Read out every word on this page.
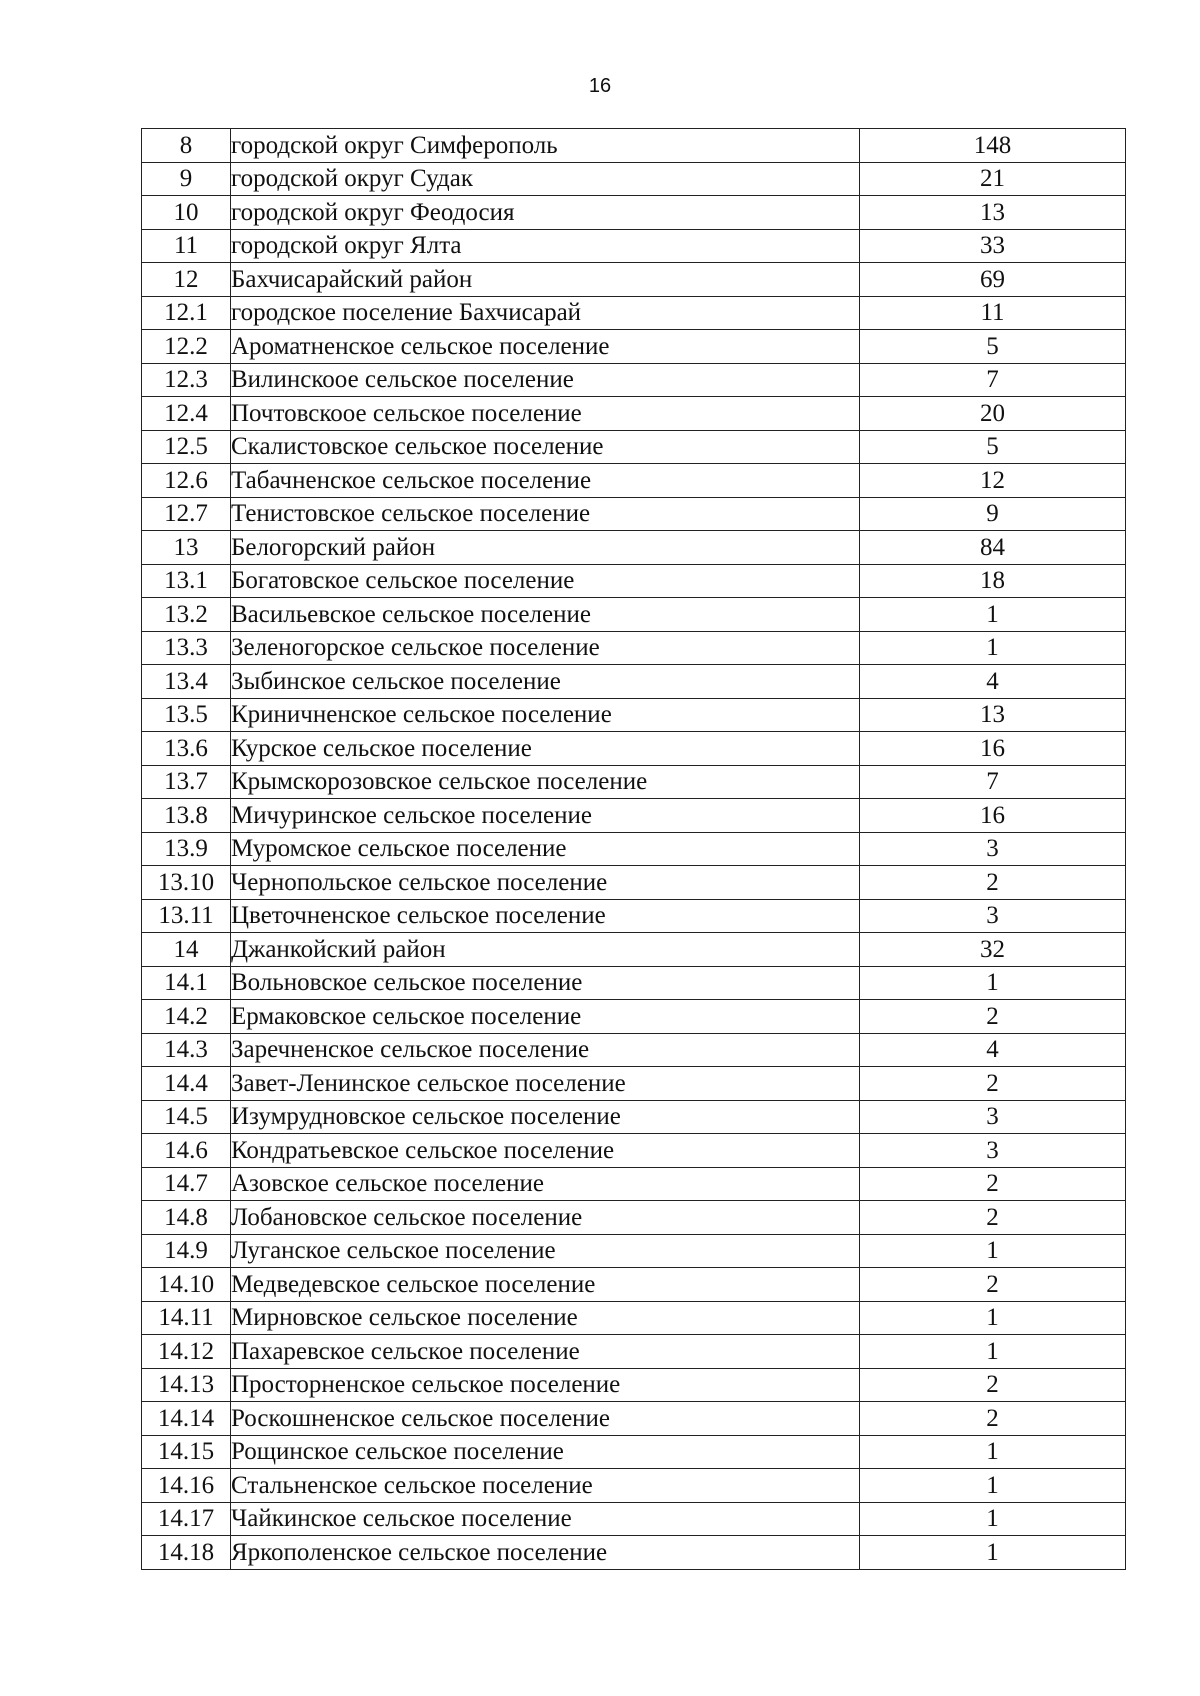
16
8	городской округ Симферополь	148
9	городской округ Судак	21
10	городской округ Феодосия	13
11	городской округ Ялта	33
12	Бахчисарайский район	69
12.1	городское поселение Бахчисарай	11
12.2	Ароматненское сельское поселение	5
12.3	Вилинскоое сельское поселение	7
12.4	Почтовскоое сельское поселение	20
12.5	Скалистовское сельское поселение	5
12.6	Табачненское сельское поселение	12
12.7	Тенистовское сельское поселение	9
13	Белогорский район	84
13.1	Богатовское сельское поселение	18
13.2	Васильевское сельское поселение	1
13.3	Зеленогорское сельское поселение	1
13.4	Зыбинское сельское поселение	4
13.5	Криничненское сельское поселение	13
13.6	Курское сельское поселение	16
13.7	Крымскорозовское сельское поселение	7
13.8	Мичуринское сельское поселение	16
13.9	Муромское сельское поселение	3
13.10	Чернопольское сельское поселение	2
13.11	Цветочненское сельское поселение	3
14	Джанкойский район	32
14.1	Вольновское сельское поселение	1
14.2	Ермаковское сельское поселение	2
14.3	Заречненское сельское поселение	4
14.4	Завет-Ленинское сельское поселение	2
14.5	Изумрудновское сельское поселение	3
14.6	Кондратьевское сельское поселение	3
14.7	Азовское сельское поселение	2
14.8	Лобановское сельское поселение	2
14.9	Луганское сельское поселение	1
14.10	Медведевское сельское поселение	2
14.11	Мирновское сельское поселение	1
14.12	Пахаревское сельское поселение	1
14.13	Просторненское сельское поселение	2
14.14	Роскошненское сельское поселение	2
14.15	Рощинское сельское поселение	1
14.16	Стальненское сельское поселение	1
14.17	Чайкинское сельское поселение	1
14.18	Яркополенское сельское поселение	1
